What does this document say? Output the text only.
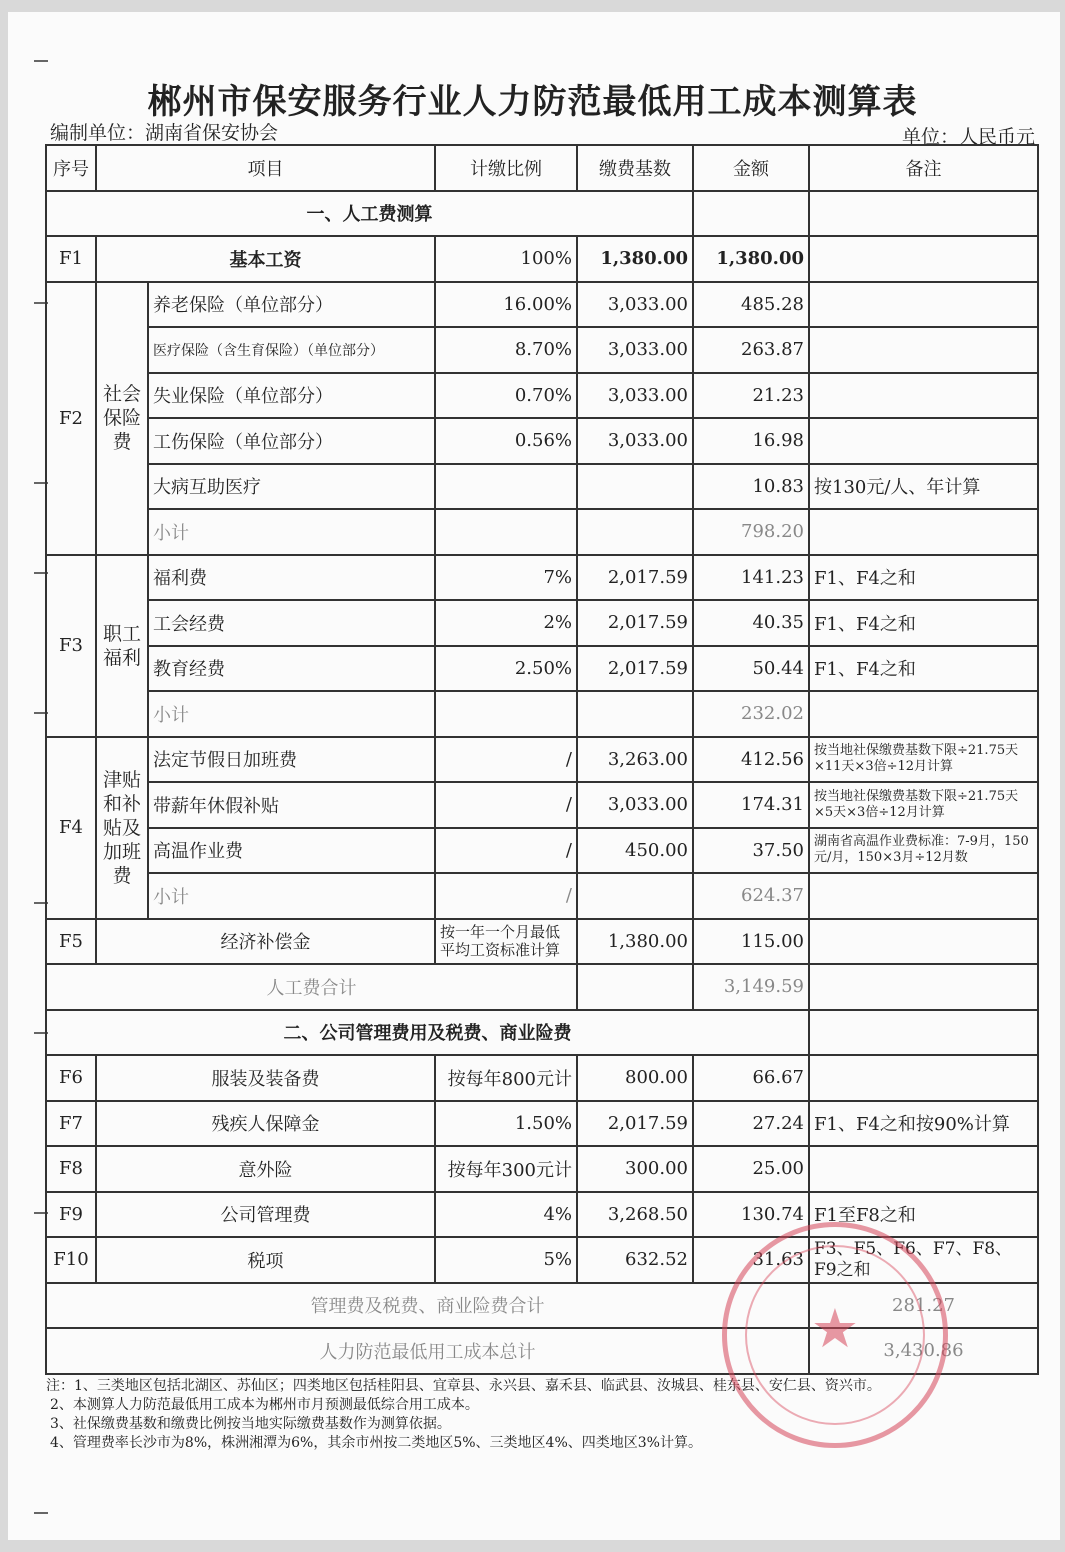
郴州市保安服务行业人力防范最低用工成本测算表
编制单位：湖南省保安协会	单位：人民币元
序号	项目		计缴比例	缴费基数	金额	备注
一、人工费测算						
F1	基本工资		100%	1,380.00	1,380.00	
F2	社会保险费	养老保险（单位部分）	16.00%	3,033.00	485.28	
		医疗保险（含生育保险）（单位部分）	8.70%	3,033.00	263.87	
		失业保险（单位部分）	0.70%	3,033.00	21.23	
		工伤保险（单位部分）	0.56%	3,033.00	16.98	
		大病互助医疗			10.83	按130元/人、年计算
		小计			798.20	
F3	职工福利	福利费	7%	2,017.59	141.23	F1、F4之和
		工会经费	2%	2,017.59	40.35	F1、F4之和
		教育经费	2.50%	2,017.59	50.44	F1、F4之和
		小计			232.02	
F4	津贴和补贴及加班费	法定节假日加班费	/	3,263.00	412.56	按当地社保缴费基数下限÷21.75天×11天×3倍÷12月计算
		带薪年休假补贴	/	3,033.00	174.31	按当地社保缴费基数下限÷21.75天×5天×3倍÷12月计算
		高温作业费	/	450.00	37.50	湖南省高温作业费标准：7-9月，150元/月，150×3月÷12月数
		小计	/		624.37	
F5	经济补偿金		按一年一个月最低平均工资标准计算	1,380.00	115.00	
人工费合计					3,149.59	
二、公司管理费用及税费、商业险费						
F6	服装及装备费		按每年800元计	800.00	66.67	
F7	残疾人保障金		1.50%	2,017.59	27.24	F1、F4之和按90%计算
F8	意外险		按每年300元计	300.00	25.00	
F9	公司管理费		4%	3,268.50	130.74	F1至F8之和
F10	税项		5%	632.52	31.63	F3、F5、F6、F7、F8、F9之和
管理费及税费、商业险费合计						281.27
人力防范最低用工成本总计						3,430.86
注：1、三类地区包括北湖区、苏仙区；四类地区包括桂阳县、宜章县、永兴县、嘉禾县、临武县、汝城县、桂东县、安仁县、资兴市。
2、本测算人力防范最低用工成本为郴州市月预测最低综合用工成本。
3、社保缴费基数和缴费比例按当地实际缴费基数作为测算依据。
4、管理费率长沙市为8%，株洲湘潭为6%，其余市州按二类地区5%、三类地区4%、四类地区3%计算。
★
